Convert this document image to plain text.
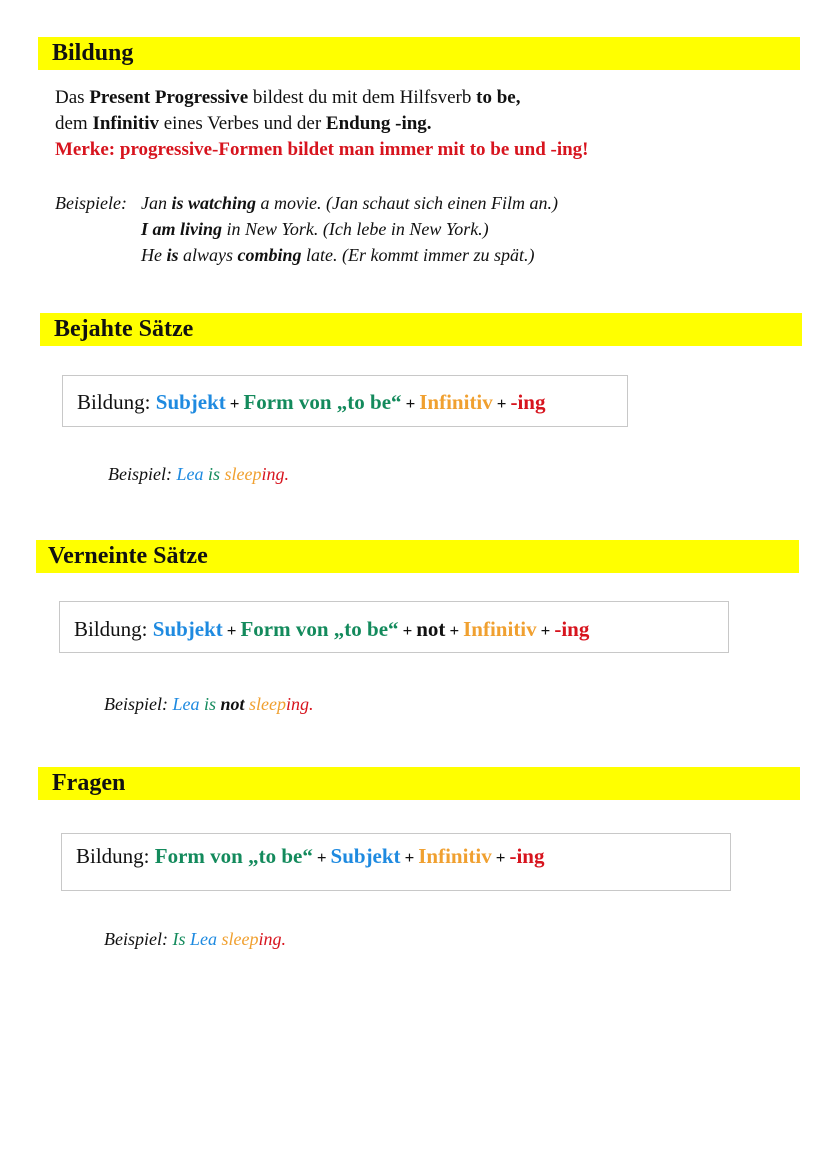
Bildung
Das Present Progressive bildest du mit dem Hilfsverb to be,
dem Infinitiv eines Verbes und der Endung -ing.
Merke: progressive-Formen bildet man immer mit to be und -ing!
Beispiele: Jan is watching a movie. (Jan schaut sich einen Film an.)
I am living in New York. (Ich lebe in New York.)
He is always combing late. (Er kommt immer zu spät.)
Bejahte Sätze
Bildung: Subjekt + Form von „to be“ + Infinitiv + -ing
Beispiel: Lea is sleeping.
Verneinte Sätze
Bildung: Subjekt + Form von „to be“ + not + Infinitiv + -ing
Beispiel: Lea is not sleeping.
Fragen
Bildung: Form von „to be“ + Subjekt + Infinitiv + -ing
Beispiel: Is Lea sleeping.
